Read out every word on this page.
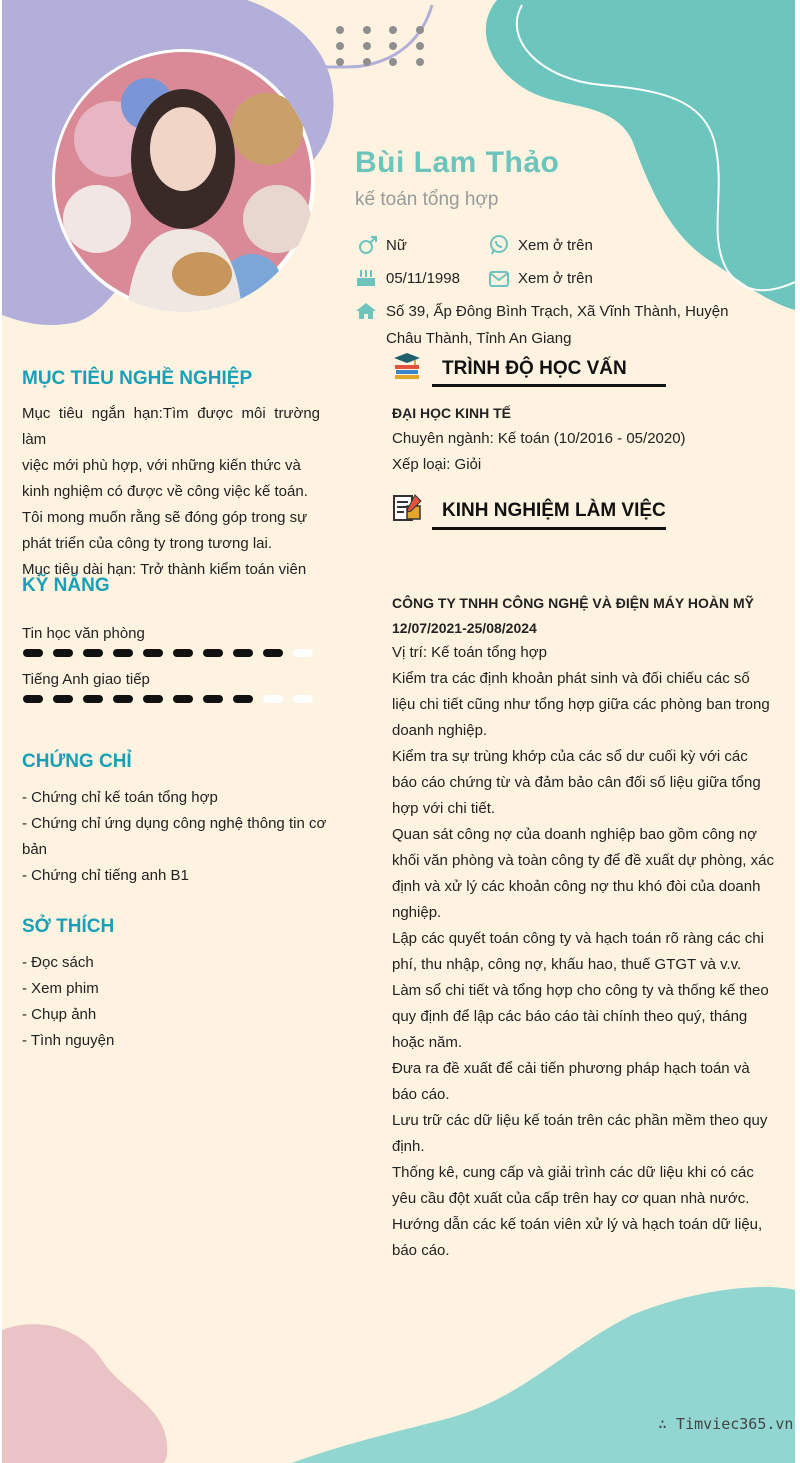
Bùi Lam Thảo
kế toán tổng hợp
Nữ	Xem ở trên
05/11/1998	Xem ở trên
Số 39, Ấp Đông Bình Trạch, Xã Vĩnh Thành, Huyện
Châu Thành, Tỉnh An Giang
MỤC TIÊU NGHỀ NGHIỆP
Mục tiêu ngắn hạn:Tìm được môi trường làm
việc mới phù hợp, với những kiến thức và
kinh nghiệm có được về công việc kế toán.
Tôi mong muốn rằng sẽ đóng góp trong sự
phát triển của công ty trong tương lai.
Mục tiêu dài hạn: Trở thành kiểm toán viên
KỸ NĂNG
Tin học văn phòng
Tiếng Anh giao tiếp
CHỨNG CHỈ
- Chứng chỉ kế toán tổng hợp
- Chứng chỉ ứng dụng công nghệ thông tin cơ
bản
- Chứng chỉ tiếng anh B1
SỞ THÍCH
- Đọc sách
- Xem phim
- Chụp ảnh
- Tình nguyện
TRÌNH ĐỘ HỌC VẤN
ĐẠI HỌC KINH TẾ
Chuyên ngành: Kế toán (10/2016 - 05/2020)
Xếp loại: Giỏi
KINH NGHIỆM LÀM VIỆC
CÔNG TY TNHH CÔNG NGHỆ VÀ ĐIỆN MÁY HOÀN MỸ
12/07/2021-25/08/2024
Vị trí: Kế toán tổng hợp
Kiểm tra các định khoản phát sinh và đối chiếu các số
liệu chi tiết cũng như tổng hợp giữa các phòng ban trong
doanh nghiệp.
Kiểm tra sự trùng khớp của các sổ dư cuối kỳ với các
báo cáo chứng từ và đảm bảo cân đối số liệu giữa tổng
hợp với chi tiết.
Quan sát công nợ của doanh nghiệp bao gồm công nợ
khối văn phòng và toàn công ty để đề xuất dự phòng, xác
định và xử lý các khoản công nợ thu khó đòi của doanh
nghiệp.
Lập các quyết toán công ty và hạch toán rõ ràng các chi
phí, thu nhập, công nợ, khấu hao, thuế GTGT và v.v.
Làm sổ chi tiết và tổng hợp cho công ty và thống kế theo
quy định để lập các báo cáo tài chính theo quý, tháng
hoặc năm.
Đưa ra đề xuất để cải tiến phương pháp hạch toán và
báo cáo.
Lưu trữ các dữ liệu kế toán trên các phần mềm theo quy
định.
Thống kê, cung cấp và giải trình các dữ liệu khi có các
yêu cầu đột xuất của cấp trên hay cơ quan nhà nước.
Hướng dẫn các kế toán viên xử lý và hạch toán dữ liệu,
báo cáo.
∴ Timviec365.vn
